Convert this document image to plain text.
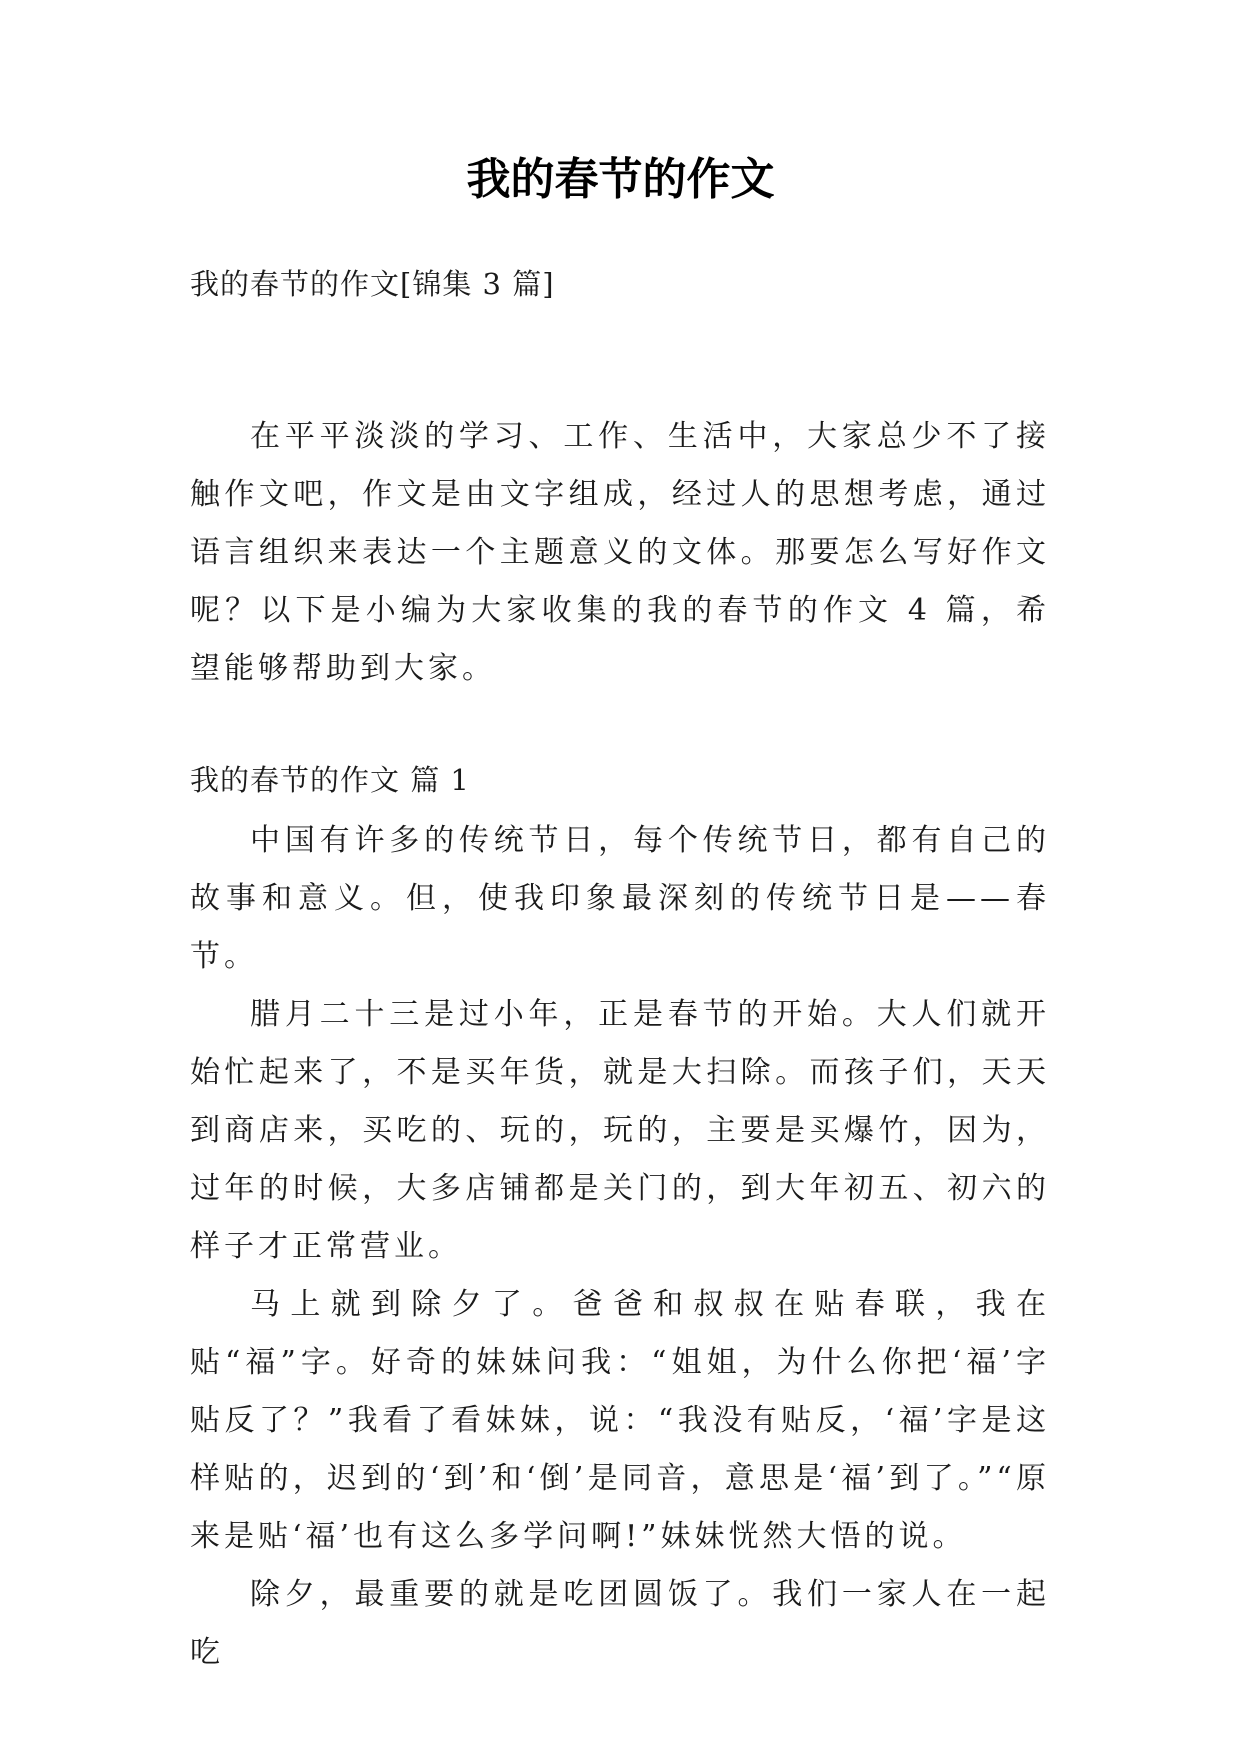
我的春节的作文
我的春节的作文[锦集 3 篇]

在平平淡淡的学习、工作、生活中，大家总少不了接触作文吧，作文是由文字组成，经过人的思想考虑，通过语言组织来表达一个主题意义的文体。那要怎么写好作文呢？以下是小编为大家收集的我的春节的作文 4 篇，希望能够帮助到大家。

我的春节的作文 篇 1

中国有许多的传统节日，每个传统节日，都有自己的故事和意义。但，使我印象最深刻的传统节日是——春节。

腊月二十三是过小年，正是春节的开始。大人们就开始忙起来了，不是买年货，就是大扫除。而孩子们，天天到商店来，买吃的、玩的，玩的，主要是买爆竹，因为，过年的时候，大多店铺都是关门的，到大年初五、初六的样子才正常营业。

马上就到除夕了。爸爸和叔叔在贴春联，我在贴“福”字。好奇的妹妹问我：“姐姐，为什么你把‘福’字贴反了？”我看了看妹妹，说：“我没有贴反，‘福’字是这样贴的，迟到的‘到’和‘倒’是同音，意思是‘福’到了。”“原来是贴‘福’也有这么多学问啊!”妹妹恍然大悟的说。

除夕，最重要的就是吃团圆饭了。我们一家人在一起吃
